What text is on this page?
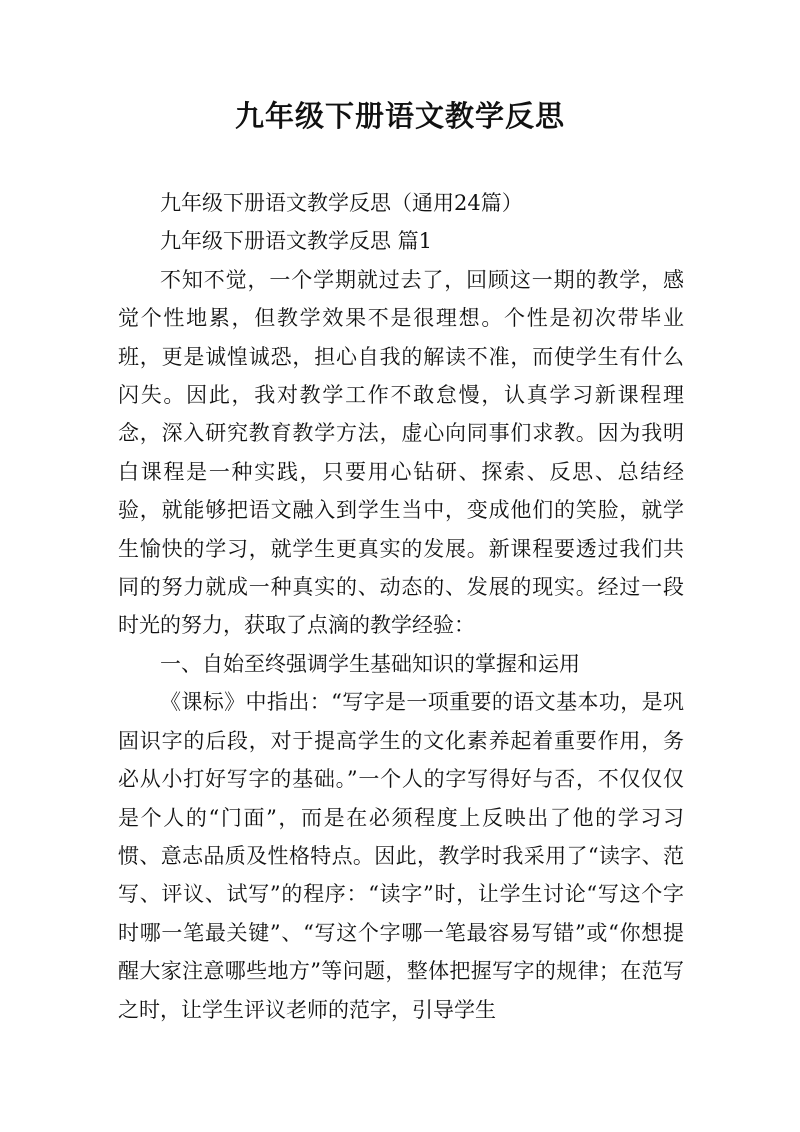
九年级下册语文教学反思

九年级下册语文教学反思（通用24篇）

九年级下册语文教学反思 篇1

不知不觉，一个学期就过去了，回顾这一期的教学，感觉个性地累，但教学效果不是很理想。个性是初次带毕业班，更是诚惶诚恐，担心自我的解读不准，而使学生有什么闪失。因此，我对教学工作不敢怠慢，认真学习新课程理念，深入研究教育教学方法，虚心向同事们求教。因为我明白课程是一种实践，只要用心钻研、探索、反思、总结经验，就能够把语文融入到学生当中，变成他们的笑脸，就学生愉快的学习，就学生更真实的发展。新课程要透过我们共同的努力就成一种真实的、动态的、发展的现实。经过一段时光的努力，获取了点滴的教学经验：

一、自始至终强调学生基础知识的掌握和运用

《课标》中指出：“写字是一项重要的语文基本功，是巩固识字的后段，对于提高学生的文化素养起着重要作用，务必从小打好写字的基础。”一个人的字写得好与否，不仅仅仅是个人的“门面”，而是在必须程度上反映出了他的学习习惯、意志品质及性格特点。因此，教学时我采用了“读字、范写、评议、试写”的程序：“读字”时，让学生讨论“写这个字时哪一笔最关键”、“写这个字哪一笔最容易写错”或“你想提醒大家注意哪些地方”等问题，整体把握写字的规律；在范写之时，让学生评议老师的范字，引导学生
